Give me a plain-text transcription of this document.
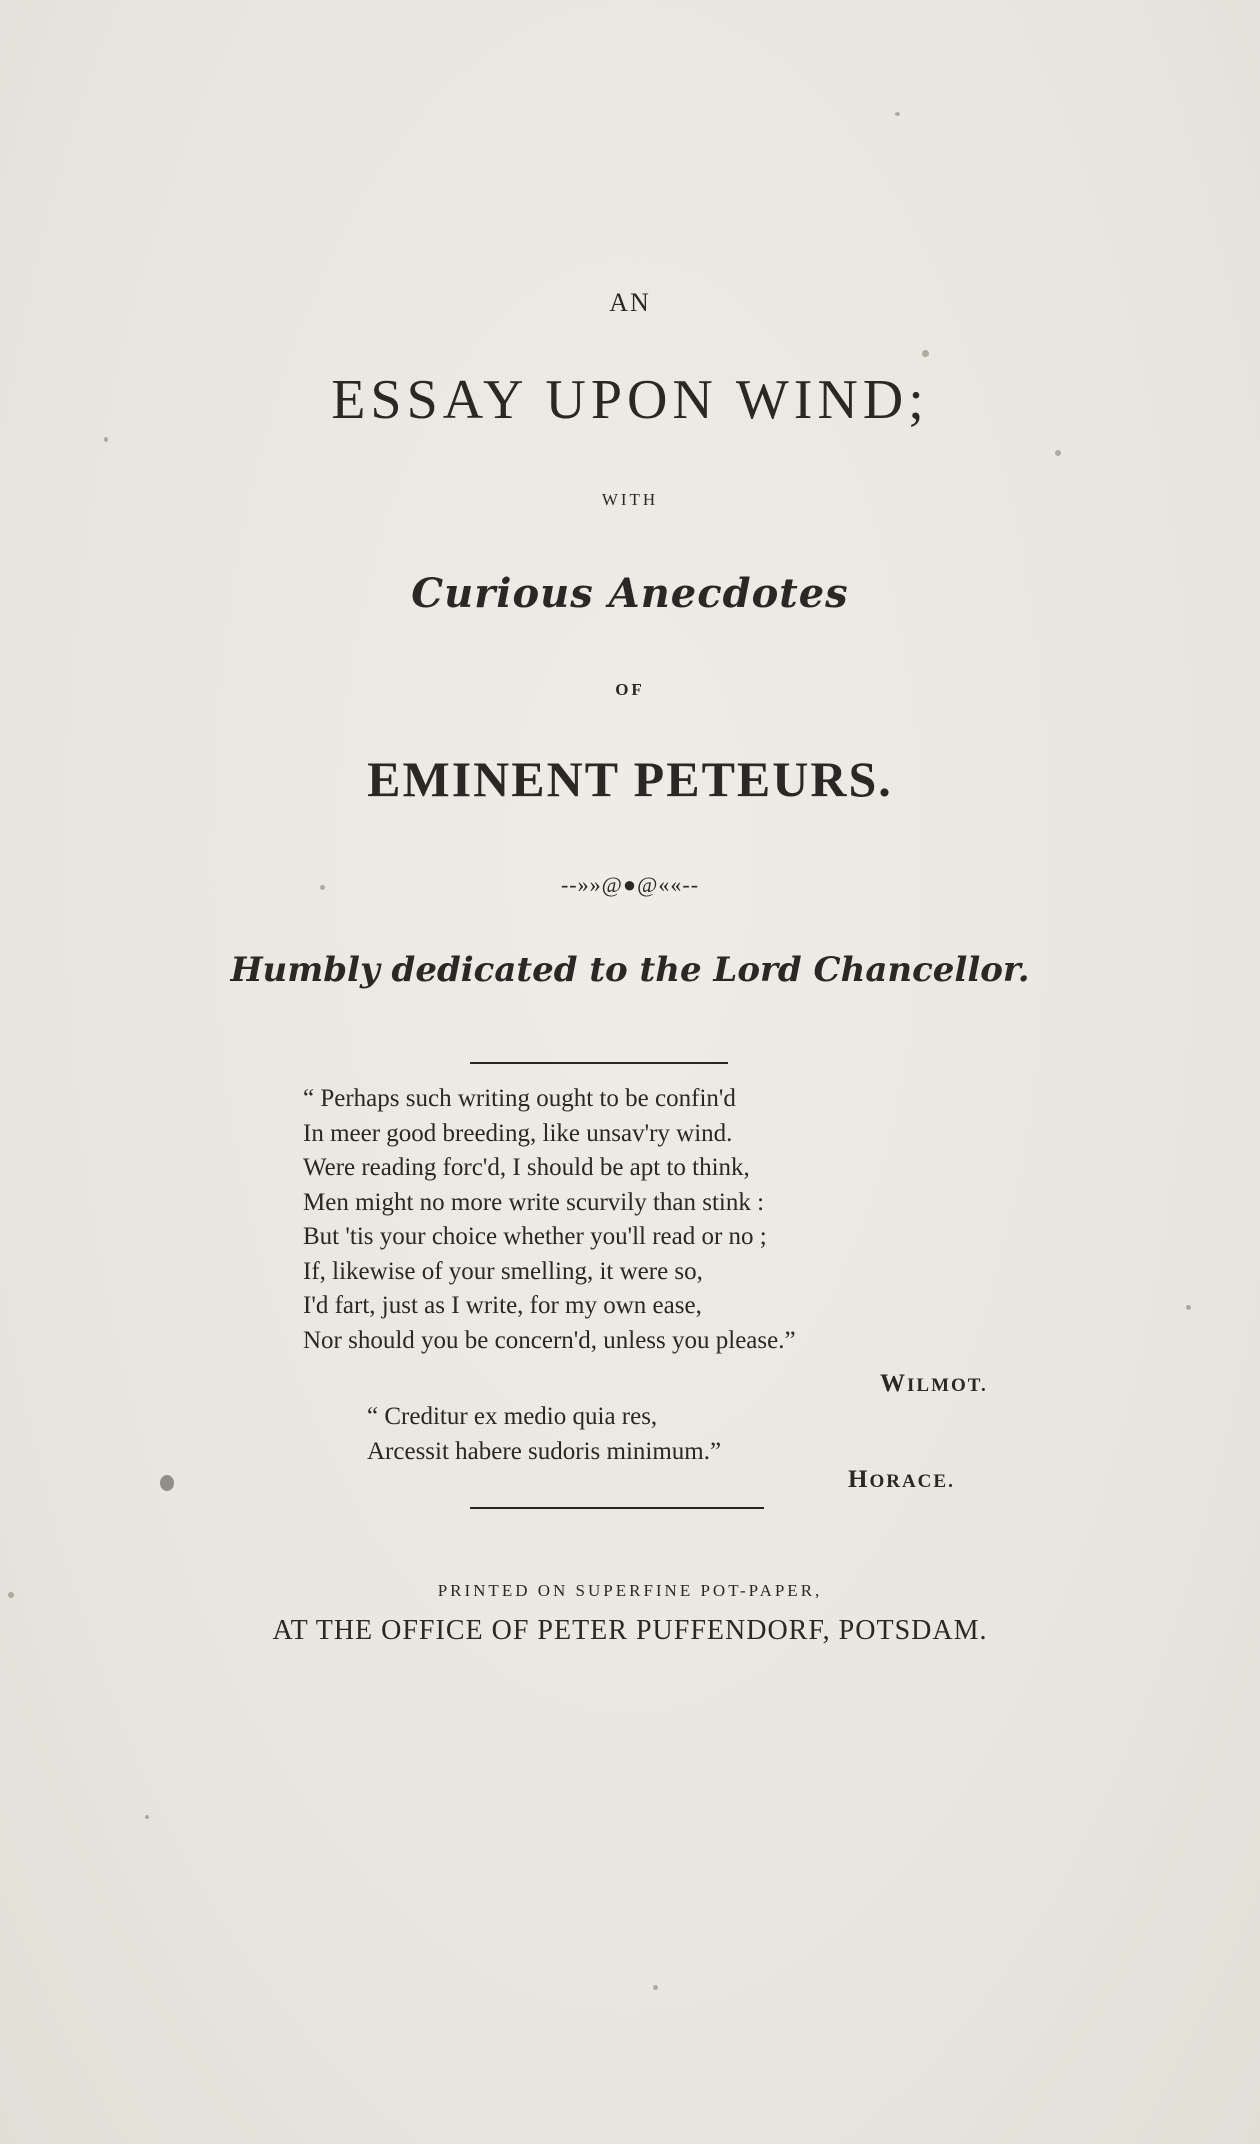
AN
ESSAY UPON WIND;
WITH
Curious Anecdotes
OF
EMINENT PETEURS.
--»»@●@««--
Humbly dedicated to the Lord Chancellor.
“ Perhaps such writing ought to be confin'd
In meer good breeding, like unsav'ry wind.
Were reading forc'd, I should be apt to think,
Men might no more write scurvily than stink :
But 'tis your choice whether you'll read or no ;
If, likewise of your smelling, it were so,
I'd fart, just as I write, for my own ease,
Nor should you be concern'd, unless you please.”
WILMOT.
“ Creditur ex medio quia res,
Arcessit habere sudoris minimum.”
HORACE.
PRINTED ON SUPERFINE POT-PAPER,
AT THE OFFICE OF PETER PUFFENDORF, POTSDAM.
